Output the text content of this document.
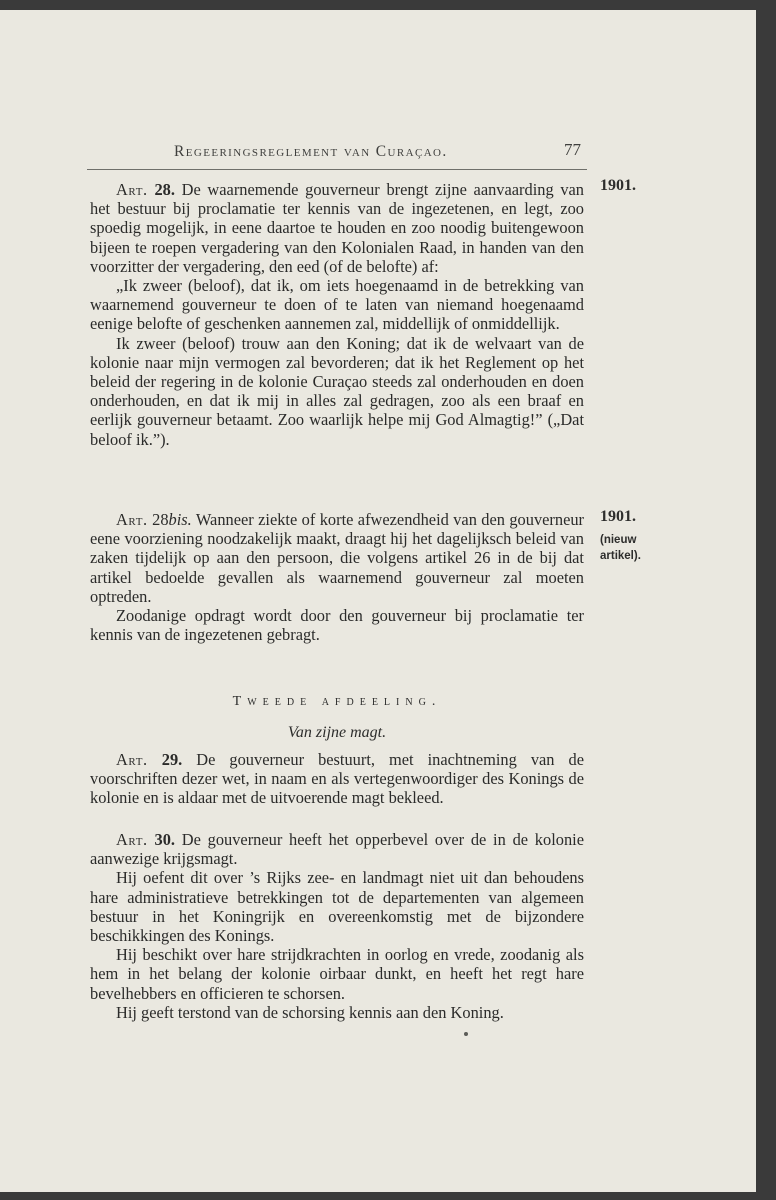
Regeeringsreglement van Curaçao.	77
1901.

Art. 28. De waarnemende gouverneur brengt zijne aanvaarding van het bestuur bij proclamatie ter kennis van de ingezetenen, en legt, zoo spoedig mogelijk, in eene daartoe te houden en zoo noodig buitengewoon bijeen te roepen vergadering van den Kolonialen Raad, in handen van den voorzitter der vergadering, den eed (of de belofte) af:

„Ik zweer (beloof), dat ik, om iets hoegenaamd in de betrekking van waarnemend gouverneur te doen of te laten van niemand hoegenaamd eenige belofte of geschenken aannemen zal, middellijk of onmiddellijk.

Ik zweer (beloof) trouw aan den Koning; dat ik de welvaart van de kolonie naar mijn vermogen zal bevorderen; dat ik het Reglement op het beleid der regering in de kolonie Curaçao steeds zal onderhouden en doen onderhouden, en dat ik mij in alles zal gedragen, zoo als een braaf en eerlijk gouverneur betaamt. Zoo waarlijk helpe mij God Almagtig!” („Dat beloof ik.”).

1901.
(nieuw
artikel).

Art. 28bis. Wanneer ziekte of korte afwezendheid van den gouverneur eene voorziening noodzakelijk maakt, draagt hij het dagelijksch beleid van zaken tijdelijk op aan den persoon, die volgens artikel 26 in de bij dat artikel bedoelde gevallen als waarnemend gouverneur zal moeten optreden.

Zoodanige opdragt wordt door den gouverneur bij proclamatie ter kennis van de ingezetenen gebragt.

Tweede afdeeling.
Van zijne magt.

Art. 29. De gouverneur bestuurt, met inachtneming van de voorschriften dezer wet, in naam en als vertegenwoordiger des Konings de kolonie en is aldaar met de uitvoerende magt bekleed.

Art. 30. De gouverneur heeft het opperbevel over de in de kolonie aanwezige krijgsmagt.

Hij oefent dit over ’s Rijks zee- en landmagt niet uit dan behoudens hare administratieve betrekkingen tot de departementen van algemeen bestuur in het Koningrijk en overeenkomstig met de bijzondere beschikkingen des Konings.

Hij beschikt over hare strijdkrachten in oorlog en vrede, zoodanig als hem in het belang der kolonie oirbaar dunkt, en heeft het regt hare bevelhebbers en officieren te schorsen.

Hij geeft terstond van de schorsing kennis aan den Koning.
